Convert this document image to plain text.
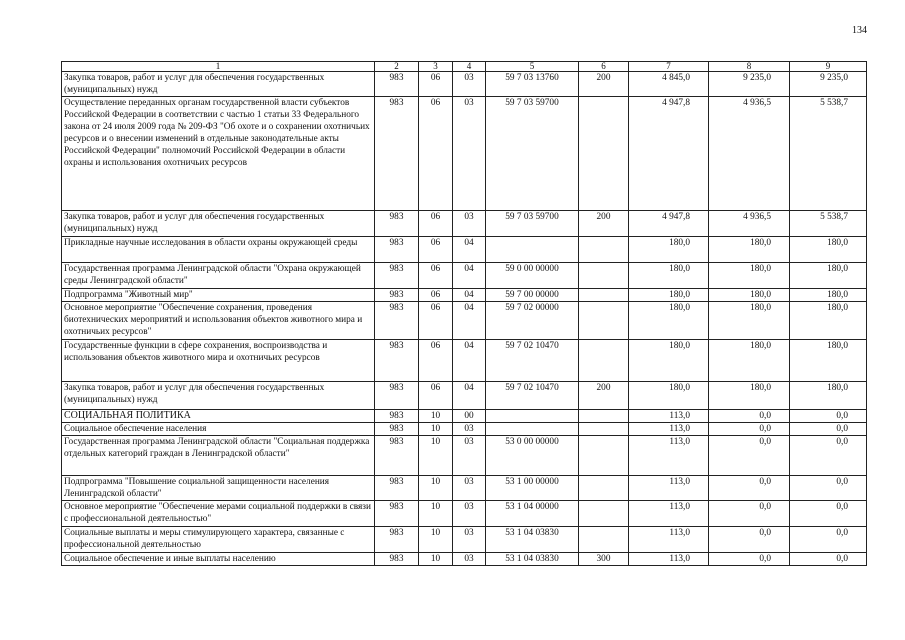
134
1	2	3	4	5	6	7	8	9
Закупка товаров, работ и услуг для обеспечения государственных (муниципальных) нужд	983	06	03	59 7 03 13760	200	4 845,0	9 235,0	9 235,0
Осуществление переданных органам государственной власти субъектов Российской Федерации в соответствии с частью 1 статьи 33 Федерального закона от 24 июля 2009 года № 209-ФЗ "Об охоте и о сохранении охотничьих ресурсов и о внесении изменений в отдельные законодательные акты Российской Федерации" полномочий Российской Федерации в области охраны и использования охотничьих ресурсов	983	06	03	59 7 03 59700		4 947,8	4 936,5	5 538,7
Закупка товаров, работ и услуг для обеспечения государственных (муниципальных) нужд	983	06	03	59 7 03 59700	200	4 947,8	4 936,5	5 538,7
Прикладные научные исследования в области охраны окружающей среды	983	06	04			180,0	180,0	180,0
Государственная программа Ленинградской области "Охрана окружающей среды Ленинградской области"	983	06	04	59 0 00 00000		180,0	180,0	180,0
Подпрограмма "Животный мир"	983	06	04	59 7 00 00000		180,0	180,0	180,0
Основное мероприятие "Обеспечение сохранения, проведения биотехнических мероприятий и использования объектов животного мира и охотничьих ресурсов"	983	06	04	59 7 02 00000		180,0	180,0	180,0
Государственные функции в сфере сохранения, воспроизводства и использования объектов животного мира и охотничьих ресурсов	983	06	04	59 7 02 10470		180,0	180,0	180,0
Закупка товаров, работ и услуг для обеспечения государственных (муниципальных) нужд	983	06	04	59 7 02 10470	200	180,0	180,0	180,0
СОЦИАЛЬНАЯ ПОЛИТИКА	983	10	00			113,0	0,0	0,0
Социальное обеспечение населения	983	10	03			113,0	0,0	0,0
Государственная программа Ленинградской области "Социальная поддержка отдельных категорий граждан в Ленинградской области"	983	10	03	53 0 00 00000		113,0	0,0	0,0
Подпрограмма "Повышение социальной защищенности населения Ленинградской области"	983	10	03	53 1 00 00000		113,0	0,0	0,0
Основное мероприятие "Обеспечение мерами социальной поддержки в связи с профессиональной деятельностью"	983	10	03	53 1 04 00000		113,0	0,0	0,0
Социальные выплаты и меры стимулирующего характера, связанные с профессиональной деятельностью	983	10	03	53 1 04 03830		113,0	0,0	0,0
Социальное обеспечение и иные выплаты населению	983	10	03	53 1 04 03830	300	113,0	0,0	0,0
